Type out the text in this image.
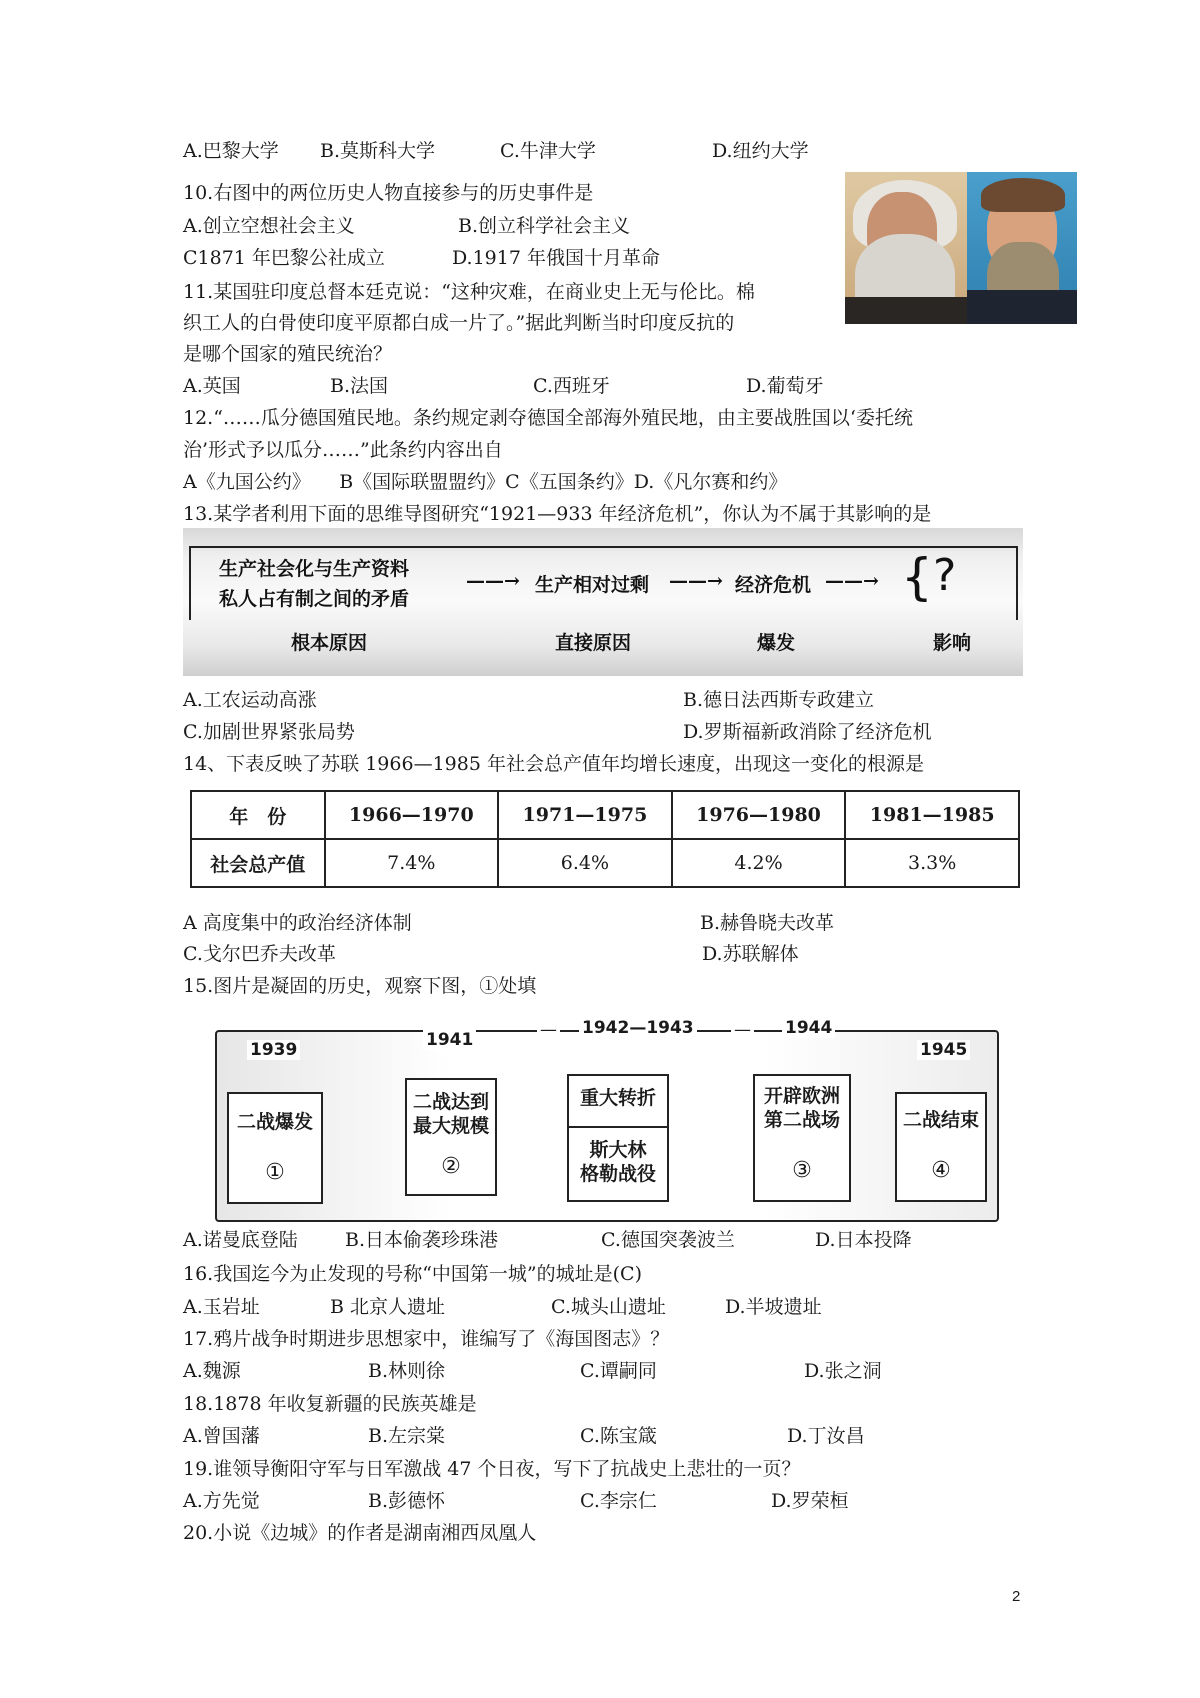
A.巴黎大学 B.莫斯科大学	C.牛津大学	D.纽约大学
10.右图中的两位历史人物直接参与的历史事件是
A.创立空想社会主义	B.创立科学社会主义
C1871 年巴黎公社成立	D.1917 年俄国十月革命
11.某国驻印度总督本廷克说：“这种灾难，在商业史上无与伦比。棉
织工人的白骨使印度平原都白成一片了。”据此判断当时印度反抗的
是哪个国家的殖民统治？
A.英国	B.法国	C.西班牙	D.葡萄牙
12.“……瓜分德国殖民地。条约规定剥夺德国全部海外殖民地，由主要战胜国以‘委托统
治’形式予以瓜分……”此条约内容出自
A《九国公约》　　B《国际联盟盟约》C《五国条约》D.《凡尔赛和约》
13.某学者利用下面的思维导图研究“1921—933 年经济危机”，你认为不属于其影响的是
生产社会化与生产资料
私人占有制之间的矛盾
——→ 生产相对过剩 ——→ 经济危机 ——→ { ?
根本原因	直接原因	爆发	影响
A.工农运动高涨	B.德日法西斯专政建立
C.加剧世界紧张局势	D.罗斯福新政消除了经济危机
14、下表反映了苏联 1966—1985 年社会总产值年均增长速度，出现这一变化的根源是
年　份	1966—1970	1971—1975	1976—1980	1981—1985
社会总产值	7.4%	6.4%	4.2%	3.3%
A 高度集中的政治经济体制	B.赫鲁晓夫改革
C.戈尔巴乔夫改革	D.苏联解体
15.图片是凝固的历史，观察下图，①处填
1939	1941
1942—1943	1944
1945
—	—
二战爆发
①
二战达到
最大规模
②
重大转折
斯大林
格勒战役
开辟欧洲
第二战场
③
二战结束
④
A.诺曼底登陆 B.日本偷袭珍珠港	C.德国突袭波兰	D.日本投降
16.我国迄今为止发现的号称“中国第一城”的城址是(C)
A.玉岩址	B 北京人遗址	C.城头山遗址	D.半坡遗址
17.鸦片战争时期进步思想家中，谁编写了《海国图志》？
A.魏源	B.林则徐	C.谭嗣同	D.张之洞
18.1878 年收复新疆的民族英雄是
A.曾国藩	B.左宗棠	C.陈宝箴	D.丁汝昌
19.谁领导衡阳守军与日军激战 47 个日夜，写下了抗战史上悲壮的一页？
A.方先觉	B.彭德怀	C.李宗仁	D.罗荣桓
20.小说《边城》的作者是湖南湘西凤凰人
2
